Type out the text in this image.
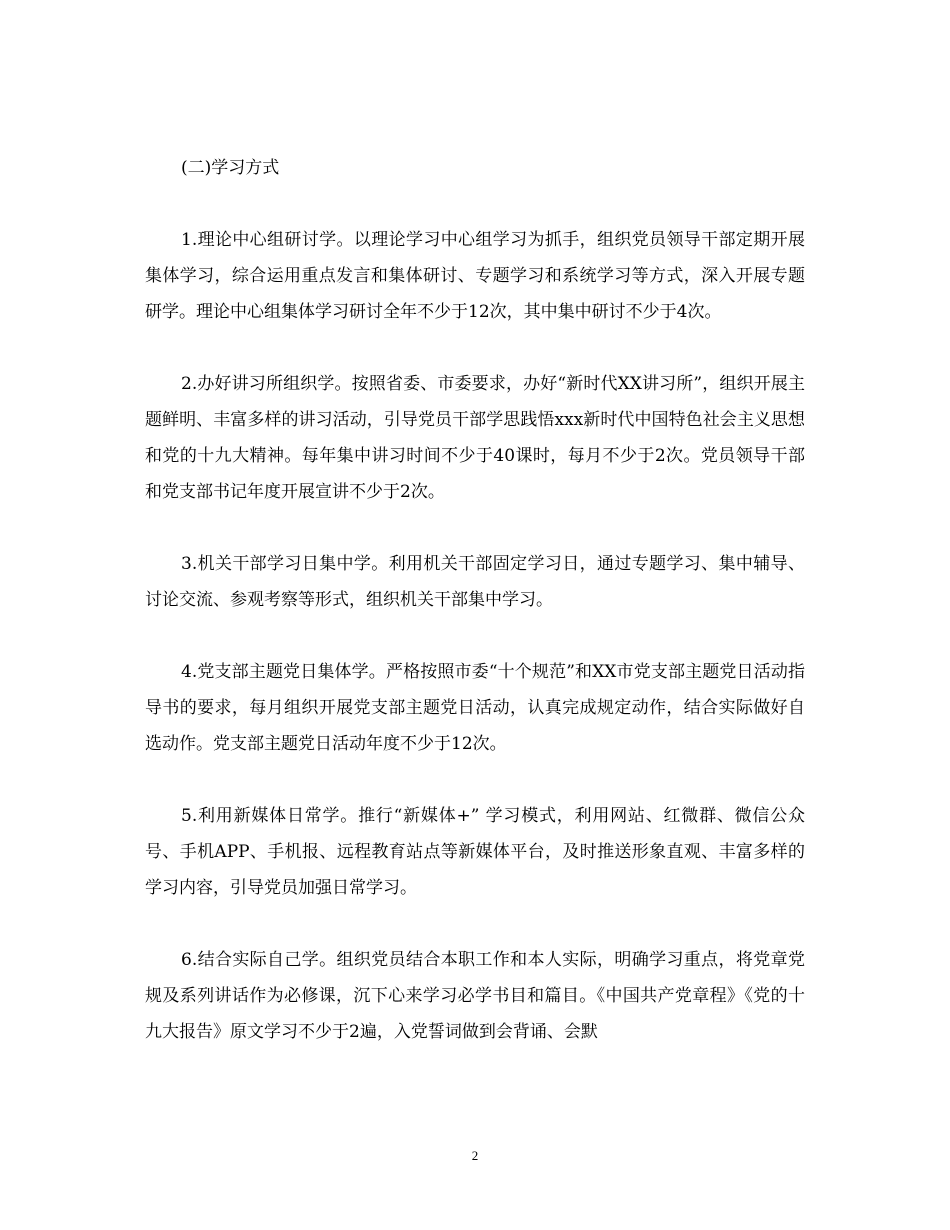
(二)学习方式

1.理论中心组研讨学。以理论学习中心组学习为抓手，组织党员领导干部定期开展集体学习，综合运用重点发言和集体研讨、专题学习和系统学习等方式，深入开展专题研学。理论中心组集体学习研讨全年不少于12次，其中集中研讨不少于4次。

2.办好讲习所组织学。按照省委、市委要求，办好“新时代XX讲习所”，组织开展主题鲜明、丰富多样的讲习活动，引导党员干部学思践悟xxx新时代中国特色社会主义思想和党的十九大精神。每年集中讲习时间不少于40课时，每月不少于2次。党员领导干部和党支部书记年度开展宣讲不少于2次。

3.机关干部学习日集中学。利用机关干部固定学习日，通过专题学习、集中辅导、讨论交流、参观考察等形式，组织机关干部集中学习。

4.党支部主题党日集体学。严格按照市委“十个规范”和XX市党支部主题党日活动指导书的要求，每月组织开展党支部主题党日活动，认真完成规定动作，结合实际做好自选动作。党支部主题党日活动年度不少于12次。

5.利用新媒体日常学。推行“新媒体+” 学习模式，利用网站、红微群、微信公众号、手机APP、手机报、远程教育站点等新媒体平台，及时推送形象直观、丰富多样的学习内容，引导党员加强日常学习。

6.结合实际自己学。组织党员结合本职工作和本人实际，明确学习重点，将党章党规及系列讲话作为必修课，沉下心来学习必学书目和篇目。《中国共产党章程》《党的十九大报告》原文学习不少于2遍，入党誓词做到会背诵、会默

2
